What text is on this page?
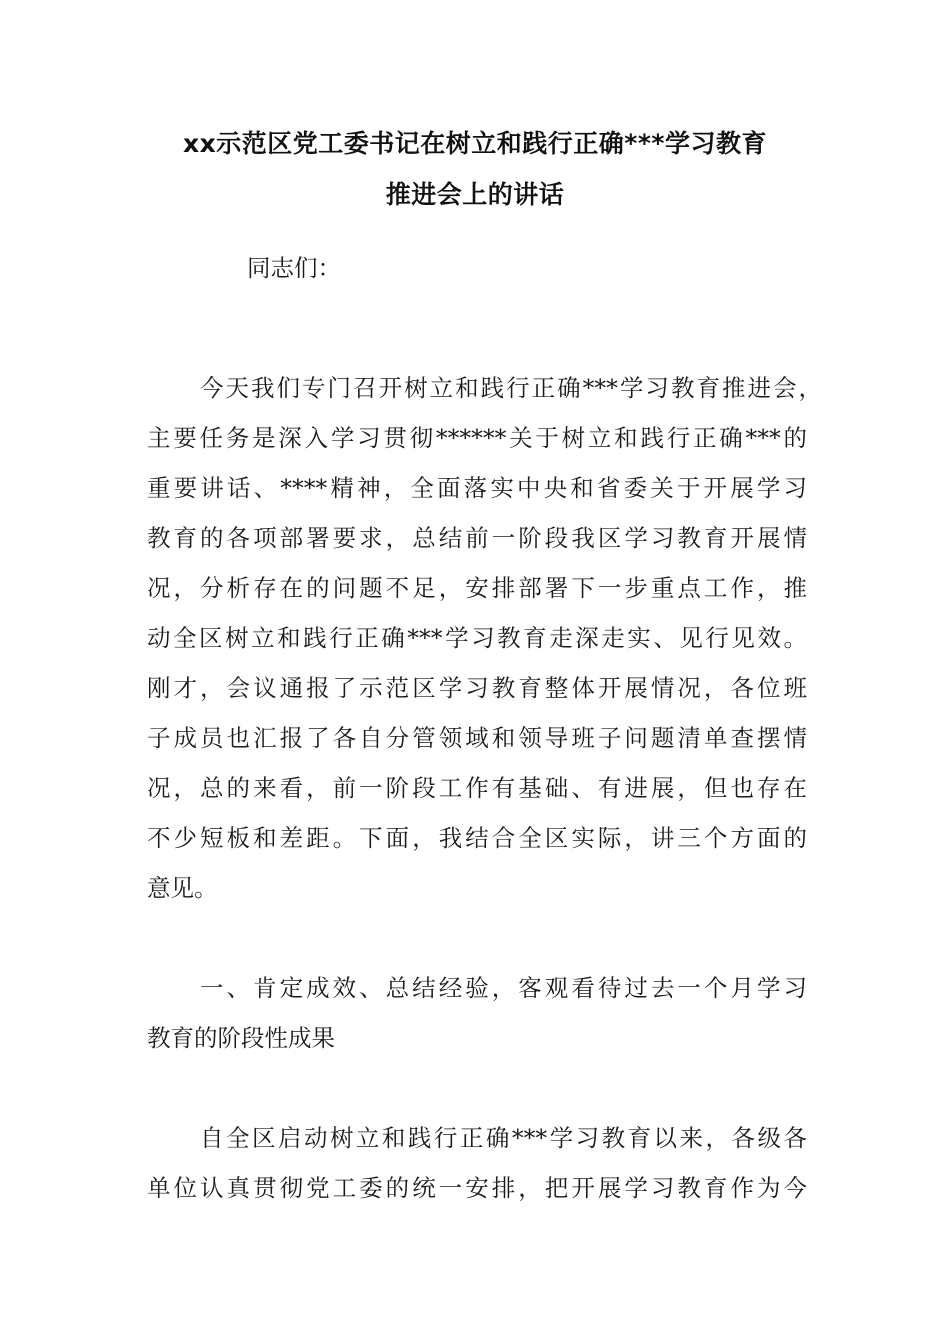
xx示范区党工委书记在树立和践行正确***学习教育
推进会上的讲话
同志们：
今天我们专门召开树立和践行正确***学习教育推进会，
主要任务是深入学习贯彻******关于树立和践行正确***的
重要讲话、****精神，全面落实中央和省委关于开展学习
教育的各项部署要求，总结前一阶段我区学习教育开展情
况，分析存在的问题不足，安排部署下一步重点工作，推
动全区树立和践行正确***学习教育走深走实、见行见效。
刚才，会议通报了示范区学习教育整体开展情况，各位班
子成员也汇报了各自分管领域和领导班子问题清单查摆情
况，总的来看，前一阶段工作有基础、有进展，但也存在
不少短板和差距。下面，我结合全区实际，讲三个方面的
意见。
一、肯定成效、总结经验，客观看待过去一个月学习
教育的阶段性成果
自全区启动树立和践行正确***学习教育以来，各级各
单位认真贯彻党工委的统一安排，把开展学习教育作为今
